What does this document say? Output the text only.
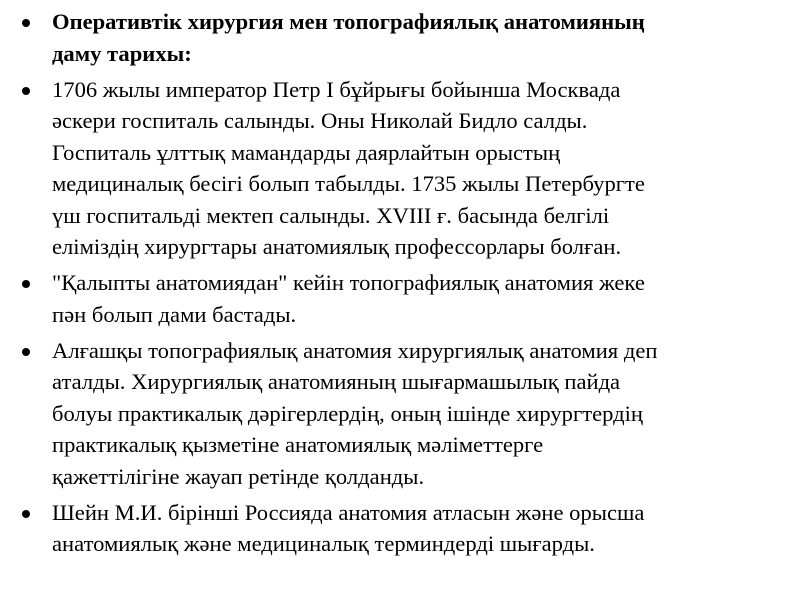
Оперативтік хирургия мен топографиялық анатомияның
даму тарихы:
1706 жылы император Петр I бұйрығы бойынша Москвада
әскери госпиталь салынды. Оны Николай Бидло салды.
Госпиталь ұлттық мамандарды даярлайтын орыстың
медициналық бесігі болып табылды. 1735 жылы Петербургте
үш госпитальді мектеп салынды. XVIII ғ. басында белгілі
еліміздің хирургтары анатомиялық профессорлары болған.
"Қалыпты анатомиядан" кейін топографиялық анатомия жеке
пән болып дами бастады.
Алғашқы топографиялық анатомия хирургиялық анатомия деп
аталды. Хирургиялық анатомияның шығармашылық пайда
болуы практикалық дәрігерлердің, оның ішінде хирургтердің
практикалық қызметіне анатомиялық мәліметтерге
қажеттілігіне жауап ретінде қолданды.
Шейн М.И. бірінші Россияда анатомия атласын және орысша
анатомиялық және медициналық терминдерді шығарды.
